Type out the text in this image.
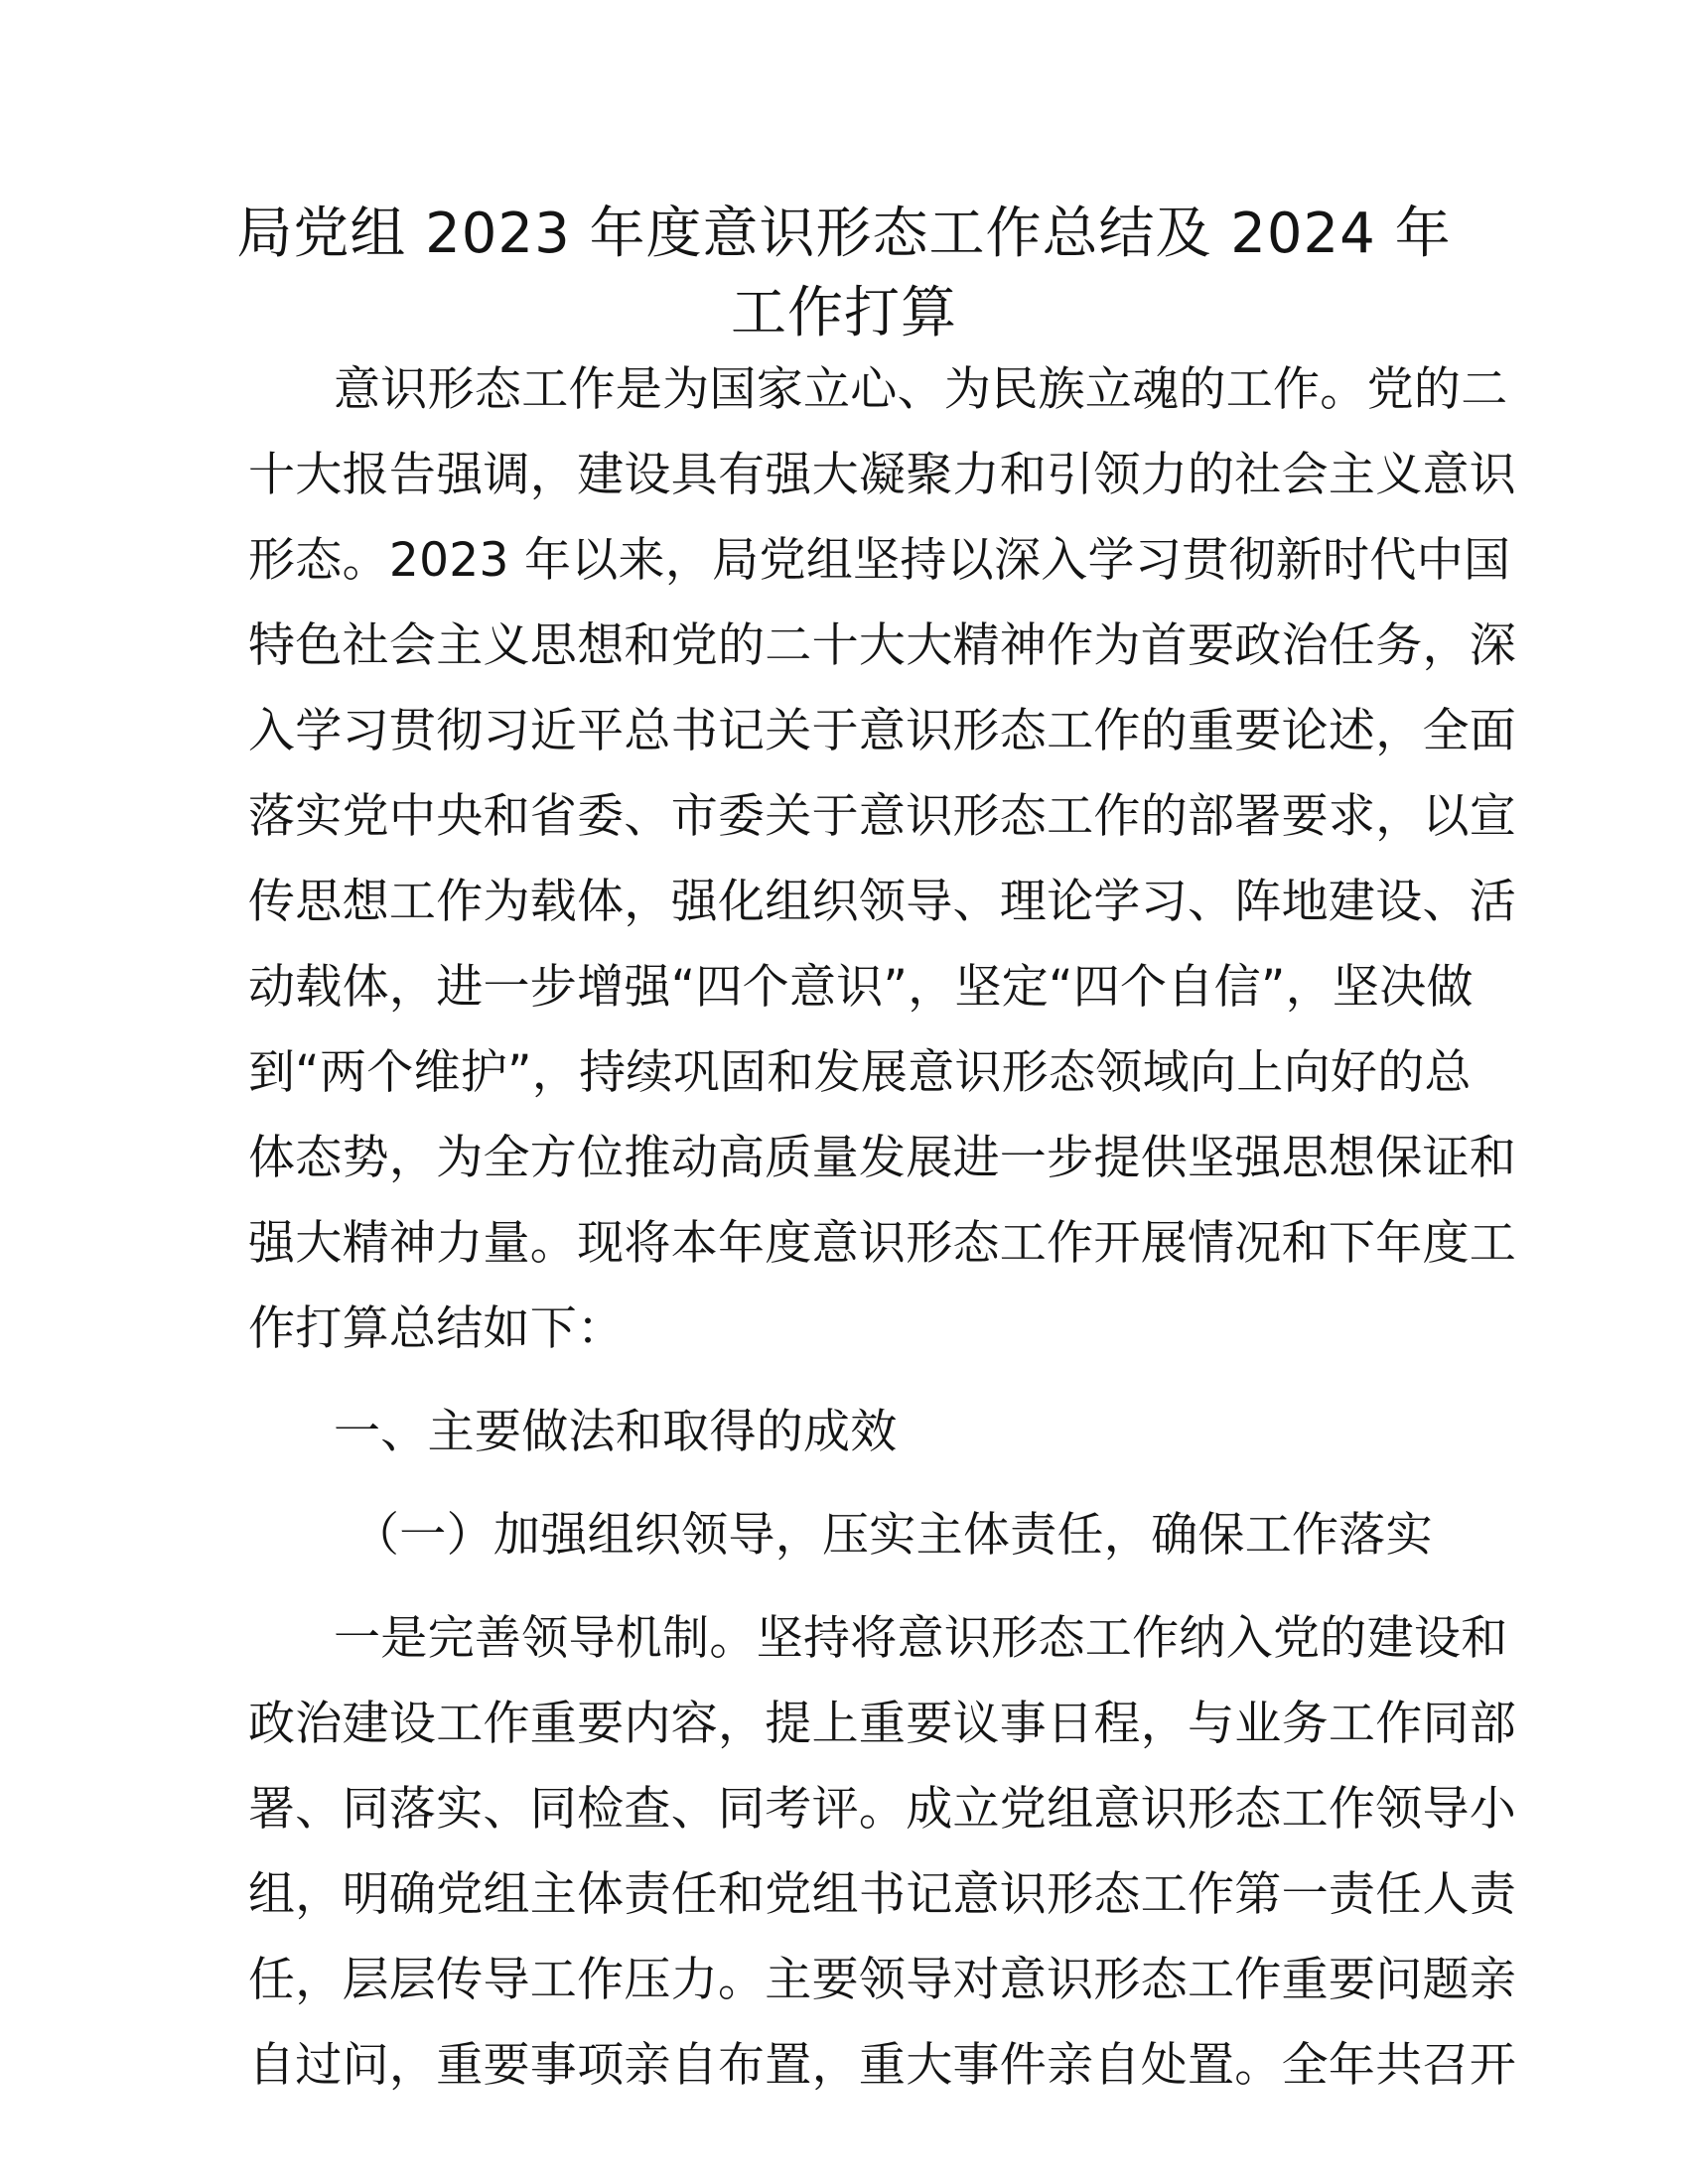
局党组 2023 年度意识形态工作总结及 2024 年
工作打算
意识形态工作是为国家立心、为民族立魂的工作。党的二
十大报告强调，建设具有强大凝聚力和引领力的社会主义意识
形态。2023 年以来，局党组坚持以深入学习贯彻新时代中国
特色社会主义思想和党的二十大大精神作为首要政治任务，深
入学习贯彻习近平总书记关于意识形态工作的重要论述，全面
落实党中央和省委、市委关于意识形态工作的部署要求，以宣
传思想工作为载体，强化组织领导、理论学习、阵地建设、活
动载体，进一步增强“四个意识”，坚定“四个自信”，坚决做
到“两个维护”，持续巩固和发展意识形态领域向上向好的总
体态势，为全方位推动高质量发展进一步提供坚强思想保证和
强大精神力量。现将本年度意识形态工作开展情况和下年度工
作打算总结如下：
一、主要做法和取得的成效
（一）加强组织领导，压实主体责任，确保工作落实
一是完善领导机制。坚持将意识形态工作纳入党的建设和
政治建设工作重要内容，提上重要议事日程，与业务工作同部
署、同落实、同检查、同考评。成立党组意识形态工作领导小
组，明确党组主体责任和党组书记意识形态工作第一责任人责
任，层层传导工作压力。主要领导对意识形态工作重要问题亲
自过问，重要事项亲自布置，重大事件亲自处置。全年共召开
